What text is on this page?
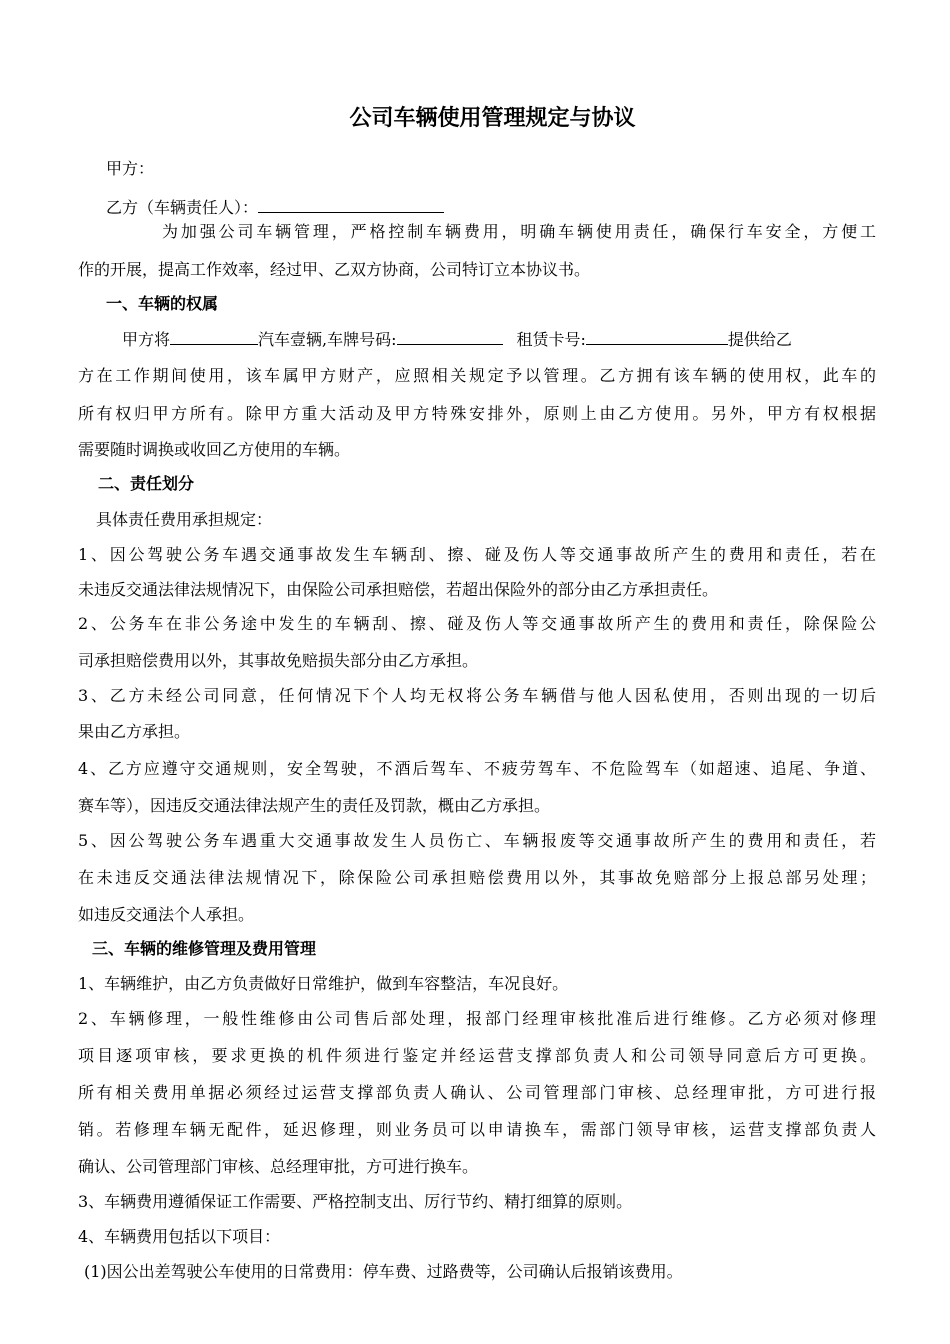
公司车辆使用管理规定与协议
甲方：
乙方（车辆责任人）：
为加强公司车辆管理，严格控制车辆费用，明确车辆使用责任，确保行车安全，方便工
作的开展，提高工作效率，经过甲、乙双方协商，公司特订立本协议书。
一、车辆的权属
甲方将	汽车壹辆,车牌号码:	租赁卡号:	提供给乙
方在工作期间使用，该车属甲方财产，应照相关规定予以管理。乙方拥有该车辆的使用权，此车的
所有权归甲方所有。除甲方重大活动及甲方特殊安排外，原则上由乙方使用。另外，甲方有权根据
需要随时调换或收回乙方使用的车辆。
二、责任划分
具体责任费用承担规定：
1、因公驾驶公务车遇交通事故发生车辆刮、擦、碰及伤人等交通事故所产生的费用和责任，若在
未违反交通法律法规情况下，由保险公司承担赔偿，若超出保险外的部分由乙方承担责任。
2、公务车在非公务途中发生的车辆刮、擦、碰及伤人等交通事故所产生的费用和责任，除保险公
司承担赔偿费用以外，其事故免赔损失部分由乙方承担。
3、乙方未经公司同意，任何情况下个人均无权将公务车辆借与他人因私使用，否则出现的一切后
果由乙方承担。
4、乙方应遵守交通规则，安全驾驶，不酒后驾车、不疲劳驾车、不危险驾车（如超速、追尾、争道、
赛车等），因违反交通法律法规产生的责任及罚款，概由乙方承担。
5、因公驾驶公务车遇重大交通事故发生人员伤亡、车辆报废等交通事故所产生的费用和责任，若
在未违反交通法律法规情况下，除保险公司承担赔偿费用以外，其事故免赔部分上报总部另处理；
如违反交通法个人承担。
三、车辆的维修管理及费用管理
1、车辆维护，由乙方负责做好日常维护，做到车容整洁，车况良好。
2、车辆修理，一般性维修由公司售后部处理，报部门经理审核批准后进行维修。乙方必须对修理
项目逐项审核，要求更换的机件须进行鉴定并经运营支撑部负责人和公司领导同意后方可更换。
所有相关费用单据必须经过运营支撑部负责人确认、公司管理部门审核、总经理审批，方可进行报
销。若修理车辆无配件，延迟修理，则业务员可以申请换车，需部门领导审核，运营支撑部负责人
确认、公司管理部门审核、总经理审批，方可进行换车。
3、车辆费用遵循保证工作需要、严格控制支出、厉行节约、精打细算的原则。
4、车辆费用包括以下项目：
(1)因公出差驾驶公车使用的日常费用：停车费、过路费等，公司确认后报销该费用。
